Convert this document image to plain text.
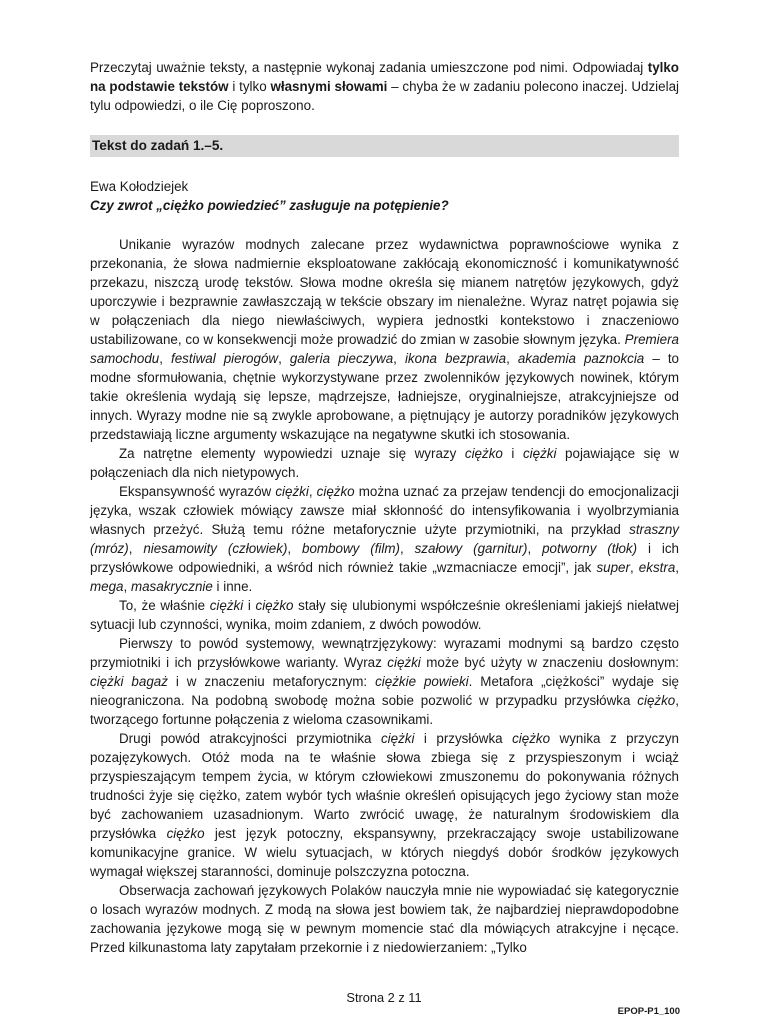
Przeczytaj uważnie teksty, a następnie wykonaj zadania umieszczone pod nimi. Odpowiadaj tylko na podstawie tekstów i tylko własnymi słowami – chyba że w zadaniu polecono inaczej. Udzielaj tylu odpowiedzi, o ile Cię poproszono.

Tekst do zadań 1.–5.
Ewa Kołodziejek
Czy zwrot „ciężko powiedzieć” zasługuje na potępienie?

Unikanie wyrazów modnych zalecane przez wydawnictwa poprawnościowe wynika z przekonania, że słowa nadmiernie eksploatowane zakłócają ekonomiczność i komunikatywność przekazu, niszczą urodę tekstów. Słowa modne określa się mianem natrętów językowych, gdyż uporczywie i bezprawnie zawłaszczają w tekście obszary im nienależne. Wyraz natręt pojawia się w połączeniach dla niego niewłaściwych, wypiera jednostki kontekstowo i znaczeniowo ustabilizowane, co w konsekwencji może prowadzić do zmian w zasobie słownym języka. Premiera samochodu, festiwal pierogów, galeria pieczywa, ikona bezprawia, akademia paznokcia – to modne sformułowania, chętnie wykorzystywane przez zwolenników językowych nowinek, którym takie określenia wydają się lepsze, mądrzejsze, ładniejsze, oryginalniejsze, atrakcyjniejsze od innych. Wyrazy modne nie są zwykle aprobowane, a piętnujący je autorzy poradników językowych przedstawiają liczne argumenty wskazujące na negatywne skutki ich stosowania.

Za natrętne elementy wypowiedzi uznaje się wyrazy ciężko i ciężki pojawiające się w połączeniach dla nich nietypowych.

Ekspansywność wyrazów ciężki, ciężko można uznać za przejaw tendencji do emocjonalizacji języka, wszak człowiek mówiący zawsze miał skłonność do intensyfikowania i wyolbrzymiania własnych przeżyć. Służą temu różne metaforycznie użyte przymiotniki, na przykład straszny (mróz), niesamowity (człowiek), bombowy (film), szałowy (garnitur), potworny (tłok) i ich przysłówkowe odpowiedniki, a wśród nich również takie „wzmacniacze emocji”, jak super, ekstra, mega, masakrycznie i inne.

To, że właśnie ciężki i ciężko stały się ulubionymi współcześnie określeniami jakiejś niełatwej sytuacji lub czynności, wynika, moim zdaniem, z dwóch powodów.

Pierwszy to powód systemowy, wewnątrzjęzykowy: wyrazami modnymi są bardzo często przymiotniki i ich przysłówkowe warianty. Wyraz ciężki może być użyty w znaczeniu dosłownym: ciężki bagaż i w znaczeniu metaforycznym: ciężkie powieki. Metafora „ciężkości” wydaje się nieograniczona. Na podobną swobodę można sobie pozwolić w przypadku przysłówka ciężko, tworzącego fortunne połączenia z wieloma czasownikami.

Drugi powód atrakcyjności przymiotnika ciężki i przysłówka ciężko wynika z przyczyn pozajęzykowych. Otóż moda na te właśnie słowa zbiega się z przyspieszonym i wciąż przyspieszającym tempem życia, w którym człowiekowi zmuszonemu do pokonywania różnych trudności żyje się ciężko, zatem wybór tych właśnie określeń opisujących jego życiowy stan może być zachowaniem uzasadnionym. Warto zwrócić uwagę, że naturalnym środowiskiem dla przysłówka ciężko jest język potoczny, ekspansywny, przekraczający swoje ustabilizowane komunikacyjne granice. W wielu sytuacjach, w których niegdyś dobór środków językowych wymagał większej staranności, dominuje polszczyzna potoczna.

Obserwacja zachowań językowych Polaków nauczyła mnie nie wypowiadać się kategorycznie o losach wyrazów modnych. Z modą na słowa jest bowiem tak, że najbardziej nieprawdopodobne zachowania językowe mogą się w pewnym momencie stać dla mówiących atrakcyjne i nęcące. Przed kilkunastoma laty zapytałam przekornie i z niedowierzaniem: „Tylko

Strona 2 z 11
EPOP-P1_100
